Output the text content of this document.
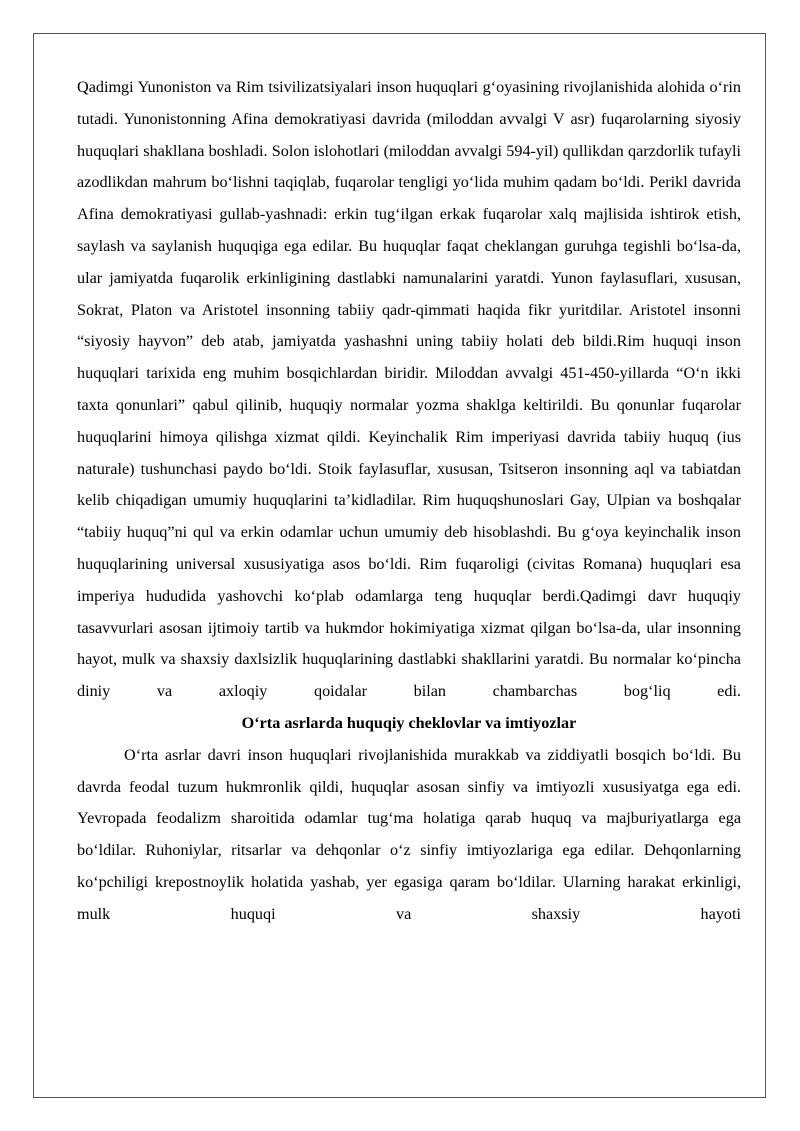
Qadimgi Yunoniston va Rim tsivilizatsiyalari inson huquqlari g‘oyasining rivojlanishida alohida o‘rin tutadi. Yunonistonning Afina demokratiyasi davrida (miloddan avvalgi V asr) fuqarolarning siyosiy huquqlari shakllana boshladi. Solon islohotlari (miloddan avvalgi 594-yil) qullikdan qarzdorlik tufayli azodlikdan mahrum bo‘lishni taqiqlab, fuqarolar tengligi yo‘lida muhim qadam bo‘ldi. Perikl davrida Afina demokratiyasi gullab-yashnadi: erkin tug‘ilgan erkak fuqarolar xalq majlisida ishtirok etish, saylash va saylanish huquqiga ega edilar. Bu huquqlar faqat cheklangan guruhga tegishli bo‘lsa-da, ular jamiyatda fuqarolik erkinligining dastlabki namunalarini yaratdi. Yunon faylasuflari, xususan, Sokrat, Platon va Aristotel insonning tabiiy qadr-qimmati haqida fikr yuritdilar. Aristotel insonni “siyosiy hayvon” deb atab, jamiyatda yashashni uning tabiiy holati deb bildi.Rim huquqi inson huquqlari tarixida eng muhim bosqichlardan biridir. Miloddan avvalgi 451-450-yillarda “O‘n ikki taxta qonunlari” qabul qilinib, huquqiy normalar yozma shaklga keltirildi. Bu qonunlar fuqarolar huquqlarini himoya qilishga xizmat qildi. Keyinchalik Rim imperiyasi davrida tabiiy huquq (ius naturale) tushunchasi paydo bo‘ldi. Stoik faylasuflar, xususan, Tsitseron insonning aql va tabiatdan kelib chiqadigan umumiy huquqlarini ta’kidladilar. Rim huquqshunoslari Gay, Ulpian va boshqalar “tabiiy huquq”ni qul va erkin odamlar uchun umumiy deb hisoblashdi. Bu g‘oya keyinchalik inson huquqlarining universal xususiyatiga asos bo‘ldi. Rim fuqaroligi (civitas Romana) huquqlari esa imperiya hududida yashovchi ko‘plab odamlarga teng huquqlar berdi.Qadimgi davr huquqiy tasavvurlari asosan ijtimoiy tartib va hukmdor hokimiyatiga xizmat qilgan bo‘lsa-da, ular insonning hayot, mulk va shaxsiy daxlsizlik huquqlarining dastlabki shakllarini yaratdi. Bu normalar ko‘pincha diniy va axloqiy qoidalar bilan chambarchas bog‘liq edi.

O‘rta asrlarda huquqiy cheklovlar va imtiyozlar

O‘rta asrlar davri inson huquqlari rivojlanishida murakkab va ziddiyatli bosqich bo‘ldi. Bu davrda feodal tuzum hukmronlik qildi, huquqlar asosan sinfiy va imtiyozli xususiyatga ega edi. Yevropada feodalizm sharoitida odamlar tug‘ma holatiga qarab huquq va majburiyatlarga ega bo‘ldilar. Ruhoniylar, ritsarlar va dehqonlar o‘z sinfiy imtiyozlariga ega edilar. Dehqonlarning ko‘pchiligi krepostnoylik holatida yashab, yer egasiga qaram bo‘ldilar. Ularning harakat erkinligi, mulk huquqi va shaxsiy hayoti
